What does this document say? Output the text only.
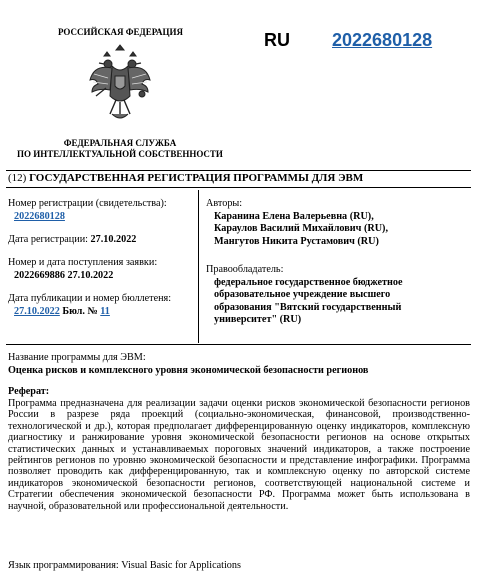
РОССИЙСКАЯ ФЕДЕРАЦИЯ
ФЕДЕРАЛЬНАЯ СЛУЖБА
ПО ИНТЕЛЛЕКТУАЛЬНОЙ СОБСТВЕННОСТИ
RU 2022680128
(12) ГОСУДАРСТВЕННАЯ РЕГИСТРАЦИЯ ПРОГРАММЫ ДЛЯ ЭВМ
Номер регистрации (свидетельства):
2022680128
Дата регистрации: 27.10.2022
Номер и дата поступления заявки:
2022669886 27.10.2022
Дата публикации и номер бюллетеня:
27.10.2022 Бюл. № 11
Авторы:
Каранина Елена Валерьевна (RU),
Караулов Василий Михайлович (RU),
Мангутов Никита Рустамович (RU)
Правообладатель:
федеральное государственное бюджетное
образовательное учреждение высшего
образования "Вятский государственный
университет" (RU)
Название программы для ЭВМ:
Оценка рисков и комплексного уровня экономической безопасности регионов
Реферат:
Программа предназначена для реализации задачи оценки рисков экономической безопасности регионов России в разрезе ряда проекций (социально-экономическая, финансовой, производственно-технологической и др.), которая предполагает дифференцированную оценку индикаторов, комплексную диагностику и ранжирование уровня экономической безопасности регионов на основе открытых статистических данных и устанавливаемых пороговых значений индикаторов, а также построение рейтингов регионов по уровню экономической безопасности и представление инфографики. Программа позволяет проводить как дифференцированную, так и комплексную оценку по авторской системе индикаторов экономической безопасности регионов, соответствующей национальной системе и Стратегии обеспечения экономической безопасности РФ. Программа может быть использована в научной, образовательной или профессиональной деятельности.
Язык программирования: Visual Basic for Applications
